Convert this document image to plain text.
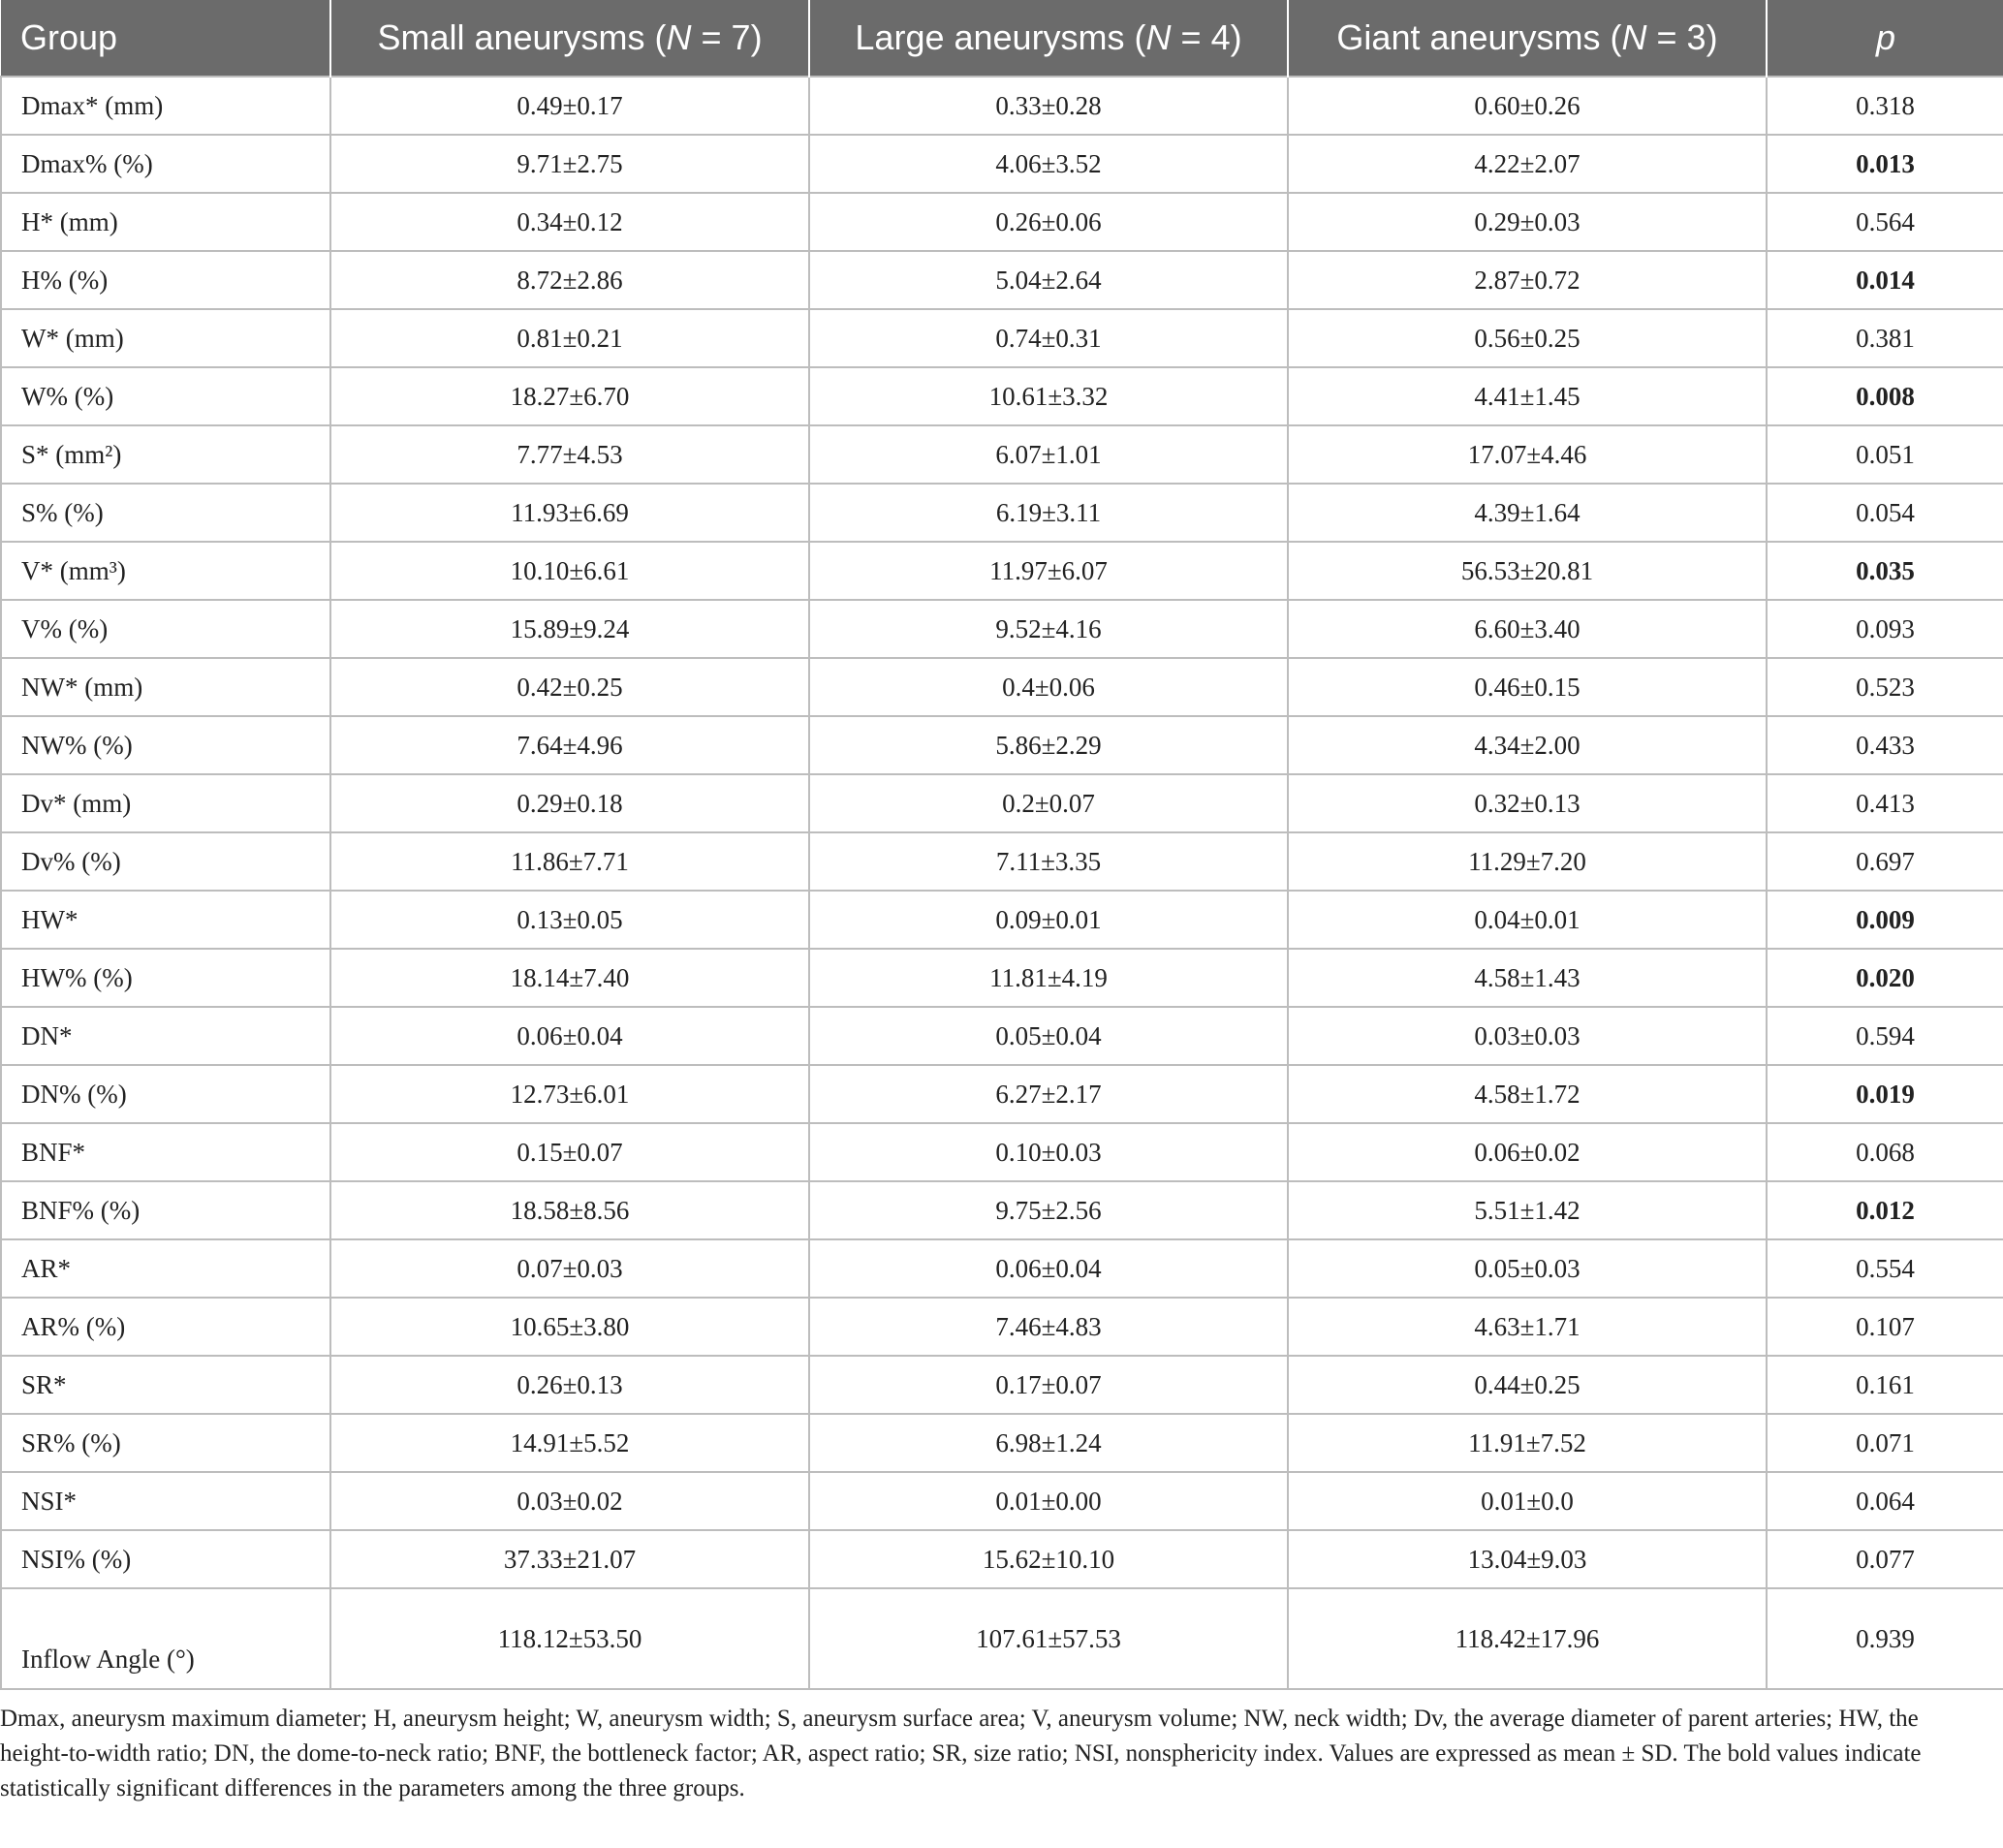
Group	Small aneurysms (N = 7)	Large aneurysms (N = 4)	Giant aneurysms (N = 3)	p
Dmax* (mm)	0.49±0.17	0.33±0.28	0.60±0.26	0.318
Dmax% (%)	9.71±2.75	4.06±3.52	4.22±2.07	0.013
H* (mm)	0.34±0.12	0.26±0.06	0.29±0.03	0.564
H% (%)	8.72±2.86	5.04±2.64	2.87±0.72	0.014
W* (mm)	0.81±0.21	0.74±0.31	0.56±0.25	0.381
W% (%)	18.27±6.70	10.61±3.32	4.41±1.45	0.008
S* (mm²)	7.77±4.53	6.07±1.01	17.07±4.46	0.051
S% (%)	11.93±6.69	6.19±3.11	4.39±1.64	0.054
V* (mm³)	10.10±6.61	11.97±6.07	56.53±20.81	0.035
V% (%)	15.89±9.24	9.52±4.16	6.60±3.40	0.093
NW* (mm)	0.42±0.25	0.4±0.06	0.46±0.15	0.523
NW% (%)	7.64±4.96	5.86±2.29	4.34±2.00	0.433
Dv* (mm)	0.29±0.18	0.2±0.07	0.32±0.13	0.413
Dv% (%)	11.86±7.71	7.11±3.35	11.29±7.20	0.697
HW*	0.13±0.05	0.09±0.01	0.04±0.01	0.009
HW% (%)	18.14±7.40	11.81±4.19	4.58±1.43	0.020
DN*	0.06±0.04	0.05±0.04	0.03±0.03	0.594
DN% (%)	12.73±6.01	6.27±2.17	4.58±1.72	0.019
BNF*	0.15±0.07	0.10±0.03	0.06±0.02	0.068
BNF% (%)	18.58±8.56	9.75±2.56	5.51±1.42	0.012
AR*	0.07±0.03	0.06±0.04	0.05±0.03	0.554
AR% (%)	10.65±3.80	7.46±4.83	4.63±1.71	0.107
SR*	0.26±0.13	0.17±0.07	0.44±0.25	0.161
SR% (%)	14.91±5.52	6.98±1.24	11.91±7.52	0.071
NSI*	0.03±0.02	0.01±0.00	0.01±0.0	0.064
NSI% (%)	37.33±21.07	15.62±10.10	13.04±9.03	0.077
Inflow Angle (°)	118.12±53.50	107.61±57.53	118.42±17.96	0.939

Dmax, aneurysm maximum diameter; H, aneurysm height; W, aneurysm width; S, aneurysm surface area; V, aneurysm volume; NW, neck width; Dv, the average diameter of parent arteries; HW, the height-to-width ratio; DN, the dome-to-neck ratio; BNF, the bottleneck factor; AR, aspect ratio; SR, size ratio; NSI, nonsphericity index. Values are expressed as mean ± SD. The bold values indicate statistically significant differences in the parameters among the three groups.
